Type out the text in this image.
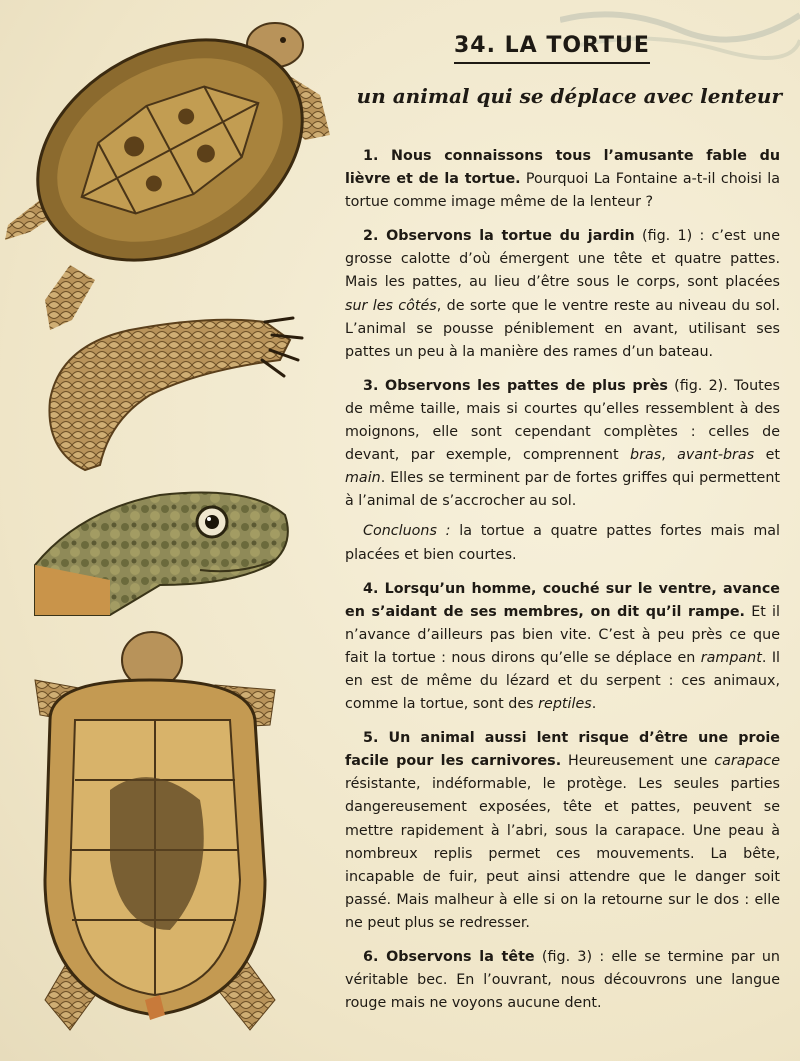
34. LA TORTUE
un animal qui se déplace avec lenteur

1. Nous connaissons tous l’amusante fable du lièvre et de la tortue. Pourquoi La Fontaine a-t-il choisi la tortue comme image même de la lenteur ?

2. Observons la tortue du jardin (fig. 1) : c’est une grosse calotte d’où émergent une tête et quatre pattes. Mais les pattes, au lieu d’être sous le corps, sont placées sur les côtés, de sorte que le ventre reste au niveau du sol. L’animal se pousse péniblement en avant, utilisant ses pattes un peu à la manière des rames d’un bateau.

3. Observons les pattes de plus près (fig. 2). Toutes de même taille, mais si courtes qu’elles ressemblent à des moignons, elle sont cependant complètes : celles de devant, par exemple, comprennent bras, avant-bras et main. Elles se terminent par de fortes griffes qui permettent à l’animal de s’accrocher au sol.

Concluons : la tortue a quatre pattes fortes mais mal placées et bien courtes.

4. Lorsqu’un homme, couché sur le ventre, avance en s’aidant de ses membres, on dit qu’il rampe. Et il n’avance d’ailleurs pas bien vite. C’est à peu près ce que fait la tortue : nous dirons qu’elle se déplace en rampant. Il en est de même du lézard et du serpent : ces animaux, comme la tortue, sont des reptiles.

5. Un animal aussi lent risque d’être une proie facile pour les carnivores. Heureusement une carapace résistante, indéformable, le protège. Les seules parties dangereusement exposées, tête et pattes, peuvent se mettre rapidement à l’abri, sous la carapace. Une peau à nombreux replis permet ces mouvements. La bête, incapable de fuir, peut ainsi attendre que le danger soit passé. Mais malheur à elle si on la retourne sur le dos : elle ne peut plus se redresser.

6. Observons la tête (fig. 3) : elle se termine par un véritable bec. En l’ouvrant, nous découvrons une langue rouge mais ne voyons aucune dent.
